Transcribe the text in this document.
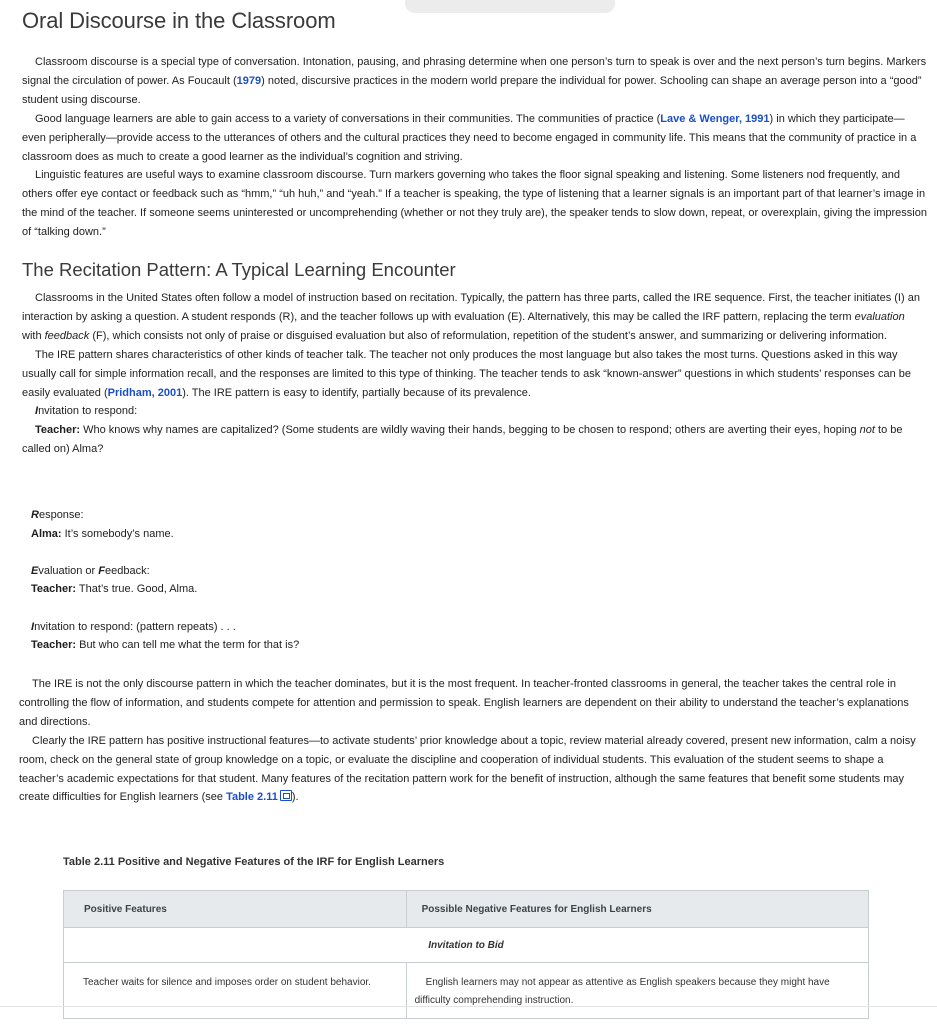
Oral Discourse in the Classroom

Classroom discourse is a special type of conversation. Intonation, pausing, and phrasing determine when one person’s turn to speak is over and the next person’s turn begins. Markers signal the circulation of power. As Foucault (1979) noted, discursive practices in the modern world prepare the individual for power. Schooling can shape an average person into a “good” student using discourse.

Good language learners are able to gain access to a variety of conversations in their communities. The communities of practice (Lave & Wenger, 1991) in which they participate—even peripherally—provide access to the utterances of others and the cultural practices they need to become engaged in community life. This means that the community of practice in a classroom does as much to create a good learner as the individual’s cognition and striving.

Linguistic features are useful ways to examine classroom discourse. Turn markers governing who takes the floor signal speaking and listening. Some listeners nod frequently, and others offer eye contact or feedback such as “hmm,” “uh huh,” and “yeah.” If a teacher is speaking, the type of listening that a learner signals is an important part of that learner’s image in the mind of the teacher. If someone seems uninterested or uncomprehending (whether or not they truly are), the speaker tends to slow down, repeat, or overexplain, giving the impression of “talking down.”

The Recitation Pattern: A Typical Learning Encounter

Classrooms in the United States often follow a model of instruction based on recitation. Typically, the pattern has three parts, called the IRE sequence. First, the teacher initiates (I) an interaction by asking a question. A student responds (R), and the teacher follows up with evaluation (E). Alternatively, this may be called the IRF pattern, replacing the term evaluation with feedback (F), which consists not only of praise or disguised evaluation but also of reformulation, repetition of the student’s answer, and summarizing or delivering information.

The IRE pattern shares characteristics of other kinds of teacher talk. The teacher not only produces the most language but also takes the most turns. Questions asked in this way usually call for simple information recall, and the responses are limited to this type of thinking. The teacher tends to ask “known-answer” questions in which students’ responses can be easily evaluated (Pridham, 2001). The IRE pattern is easy to identify, partially because of its prevalence.

Invitation to respond:

Teacher: Who knows why names are capitalized? (Some students are wildly waving their hands, begging to be chosen to respond; others are averting their eyes, hoping not to be called on) Alma?

Response:
Alma: It’s somebody’s name.
Evaluation or Feedback:
Teacher: That’s true. Good, Alma.
Invitation to respond: (pattern repeats) . . .
Teacher: But who can tell me what the term for that is?

The IRE is not the only discourse pattern in which the teacher dominates, but it is the most frequent. In teacher-fronted classrooms in general, the teacher takes the central role in controlling the flow of information, and students compete for attention and permission to speak. English learners are dependent on their ability to understand the teacher’s explanations and directions.

Clearly the IRE pattern has positive instructional features—to activate students’ prior knowledge about a topic, review material already covered, present new information, calm a noisy room, check on the general state of group knowledge on a topic, or evaluate the discipline and cooperation of individual students. This evaluation of the student seems to shape a teacher’s academic expectations for that student. Many features of the recitation pattern work for the benefit of instruction, although the same features that benefit some students may create difficulties for English learners (see Table 2.11 ).

Table 2.11 Positive and Negative Features of the IRF for English Learners
Positive Features	Possible Negative Features for English Learners
Invitation to Bid	
Teacher waits for silence and imposes order on student behavior.	English learners may not appear as attentive as English speakers because they might have difficulty comprehending instruction.
